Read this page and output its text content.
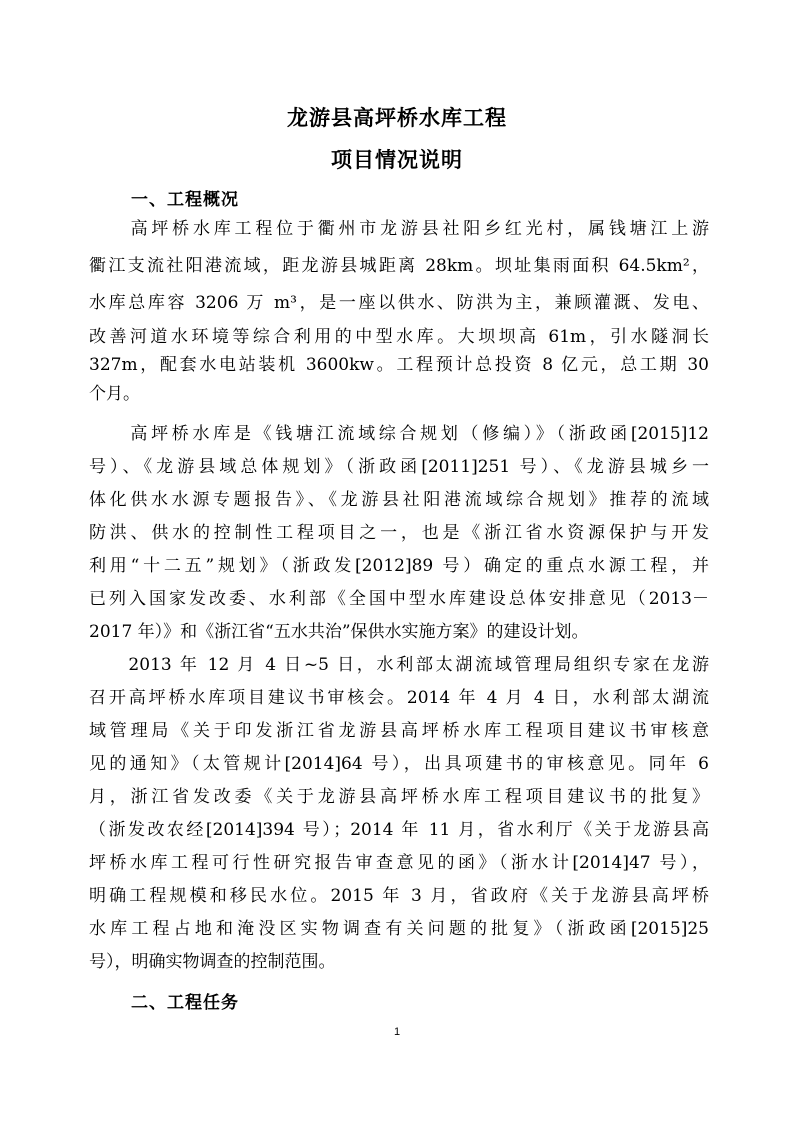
龙游县高坪桥水库工程
项目情况说明
一、工程概况
　　高坪桥水库工程位于衢州市龙游县社阳乡红光村，属钱塘江上游
衢江支流社阳港流域，距龙游县城距离 28km。坝址集雨面积 64.5km²，
水库总库容 3206 万 m³，是一座以供水、防洪为主，兼顾灌溉、发电、
改善河道水环境等综合利用的中型水库。大坝坝高 61m，引水隧洞长
327m，配套水电站装机 3600kw。工程预计总投资 8 亿元，总工期 30
个月。
　　高坪桥水库是《钱塘江流域综合规划（修编）》（浙政函[2015]12
号）、《龙游县域总体规划》（浙政函[2011]251 号）、《龙游县城乡一
体化供水水源专题报告》、《龙游县社阳港流域综合规划》推荐的流域
防洪、供水的控制性工程项目之一，也是《浙江省水资源保护与开发
利用“十二五”规划》（浙政发[2012]89 号）确定的重点水源工程，并
已列入国家发改委、水利部《全国中型水库建设总体安排意见（2013－
2017 年）》和《浙江省“五水共治”保供水实施方案》的建设计划。
　　2013 年 12 月 4 日~5 日，水利部太湖流域管理局组织专家在龙游
召开高坪桥水库项目建议书审核会。2014 年 4 月 4 日，水利部太湖流
域管理局《关于印发浙江省龙游县高坪桥水库工程项目建议书审核意
见的通知》（太管规计[2014]64 号），出具项建书的审核意见。同年 6
月，浙江省发改委《关于龙游县高坪桥水库工程项目建议书的批复》
（浙发改农经[2014]394 号）；2014 年 11 月，省水利厅《关于龙游县高
坪桥水库工程可行性研究报告审查意见的函》（浙水计[2014]47 号），
明确工程规模和移民水位。2015 年 3 月，省政府《关于龙游县高坪桥
水库工程占地和淹没区实物调查有关问题的批复》（浙政函[2015]25
号），明确实物调查的控制范围。
二、工程任务
1
